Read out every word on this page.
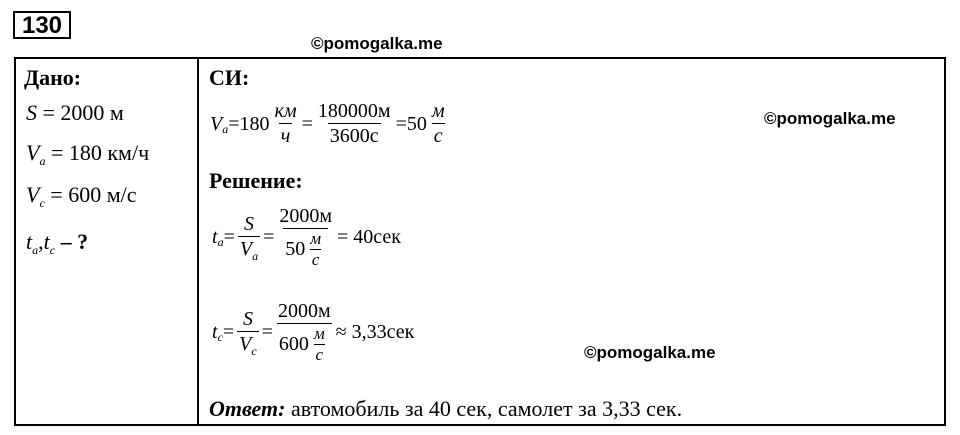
130
©pomogalka.me
©pomogalka.me
©pomogalka.me
Дано:
S = 2000 м
$V_a = 180$ км/ч
$V_c = 600$ м/с
$t_a,t_c$ – ?
СИ:
V $a =180 \frac{км}{ч} = \frac{180000м}{3600с} =50 \frac{м}{с}$
Решение:
t $a = \frac{S}{V_a} = \frac{2000м}{50 \frac{м}{с}} = 40сек$
t $c = \frac{S}{V_c} = \frac{2000м}{600 \frac{м}{с}} \approx 3,33сек$
Ответ: автомобиль за 40 сек, самолет за 3,33 сек.
